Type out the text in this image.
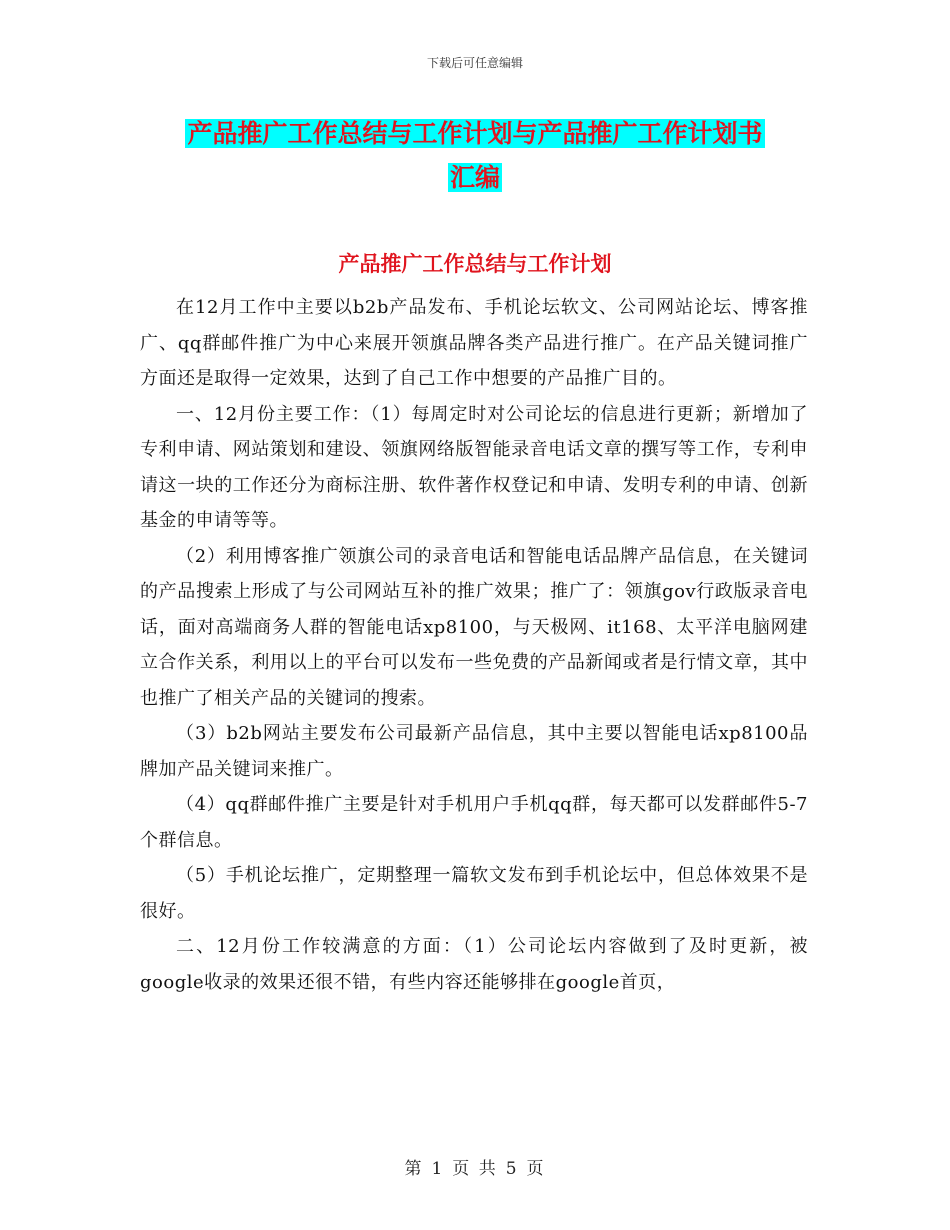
下载后可任意编辑
产品推广工作总结与工作计划与产品推广工作计划书
汇编
产品推广工作总结与工作计划

在12月工作中主要以b2b产品发布、手机论坛软文、公司网站论坛、博客推广、qq群邮件推广为中心来展开领旗品牌各类产品进行推广。在产品关键词推广方面还是取得一定效果，达到了自己工作中想要的产品推广目的。

一、12月份主要工作：（1）每周定时对公司论坛的信息进行更新；新增加了专利申请、网站策划和建设、领旗网络版智能录音电话文章的撰写等工作，专利申请这一块的工作还分为商标注册、软件著作权登记和申请、发明专利的申请、创新基金的申请等等。

（2）利用博客推广领旗公司的录音电话和智能电话品牌产品信息，在关键词的产品搜索上形成了与公司网站互补的推广效果；推广了：领旗gov行政版录音电话，面对高端商务人群的智能电话xp8100，与天极网、it168、太平洋电脑网建立合作关系，利用以上的平台可以发布一些免费的产品新闻或者是行情文章，其中也推广了相关产品的关键词的搜索。

（3）b2b网站主要发布公司最新产品信息，其中主要以智能电话xp8100品牌加产品关键词来推广。

（4）qq群邮件推广主要是针对手机用户手机qq群，每天都可以发群邮件5-7个群信息。

（5）手机论坛推广，定期整理一篇软文发布到手机论坛中，但总体效果不是很好。

二、12月份工作较满意的方面：（1）公司论坛内容做到了及时更新，被google收录的效果还很不错，有些内容还能够排在google首页，

第 1 页 共 5 页
